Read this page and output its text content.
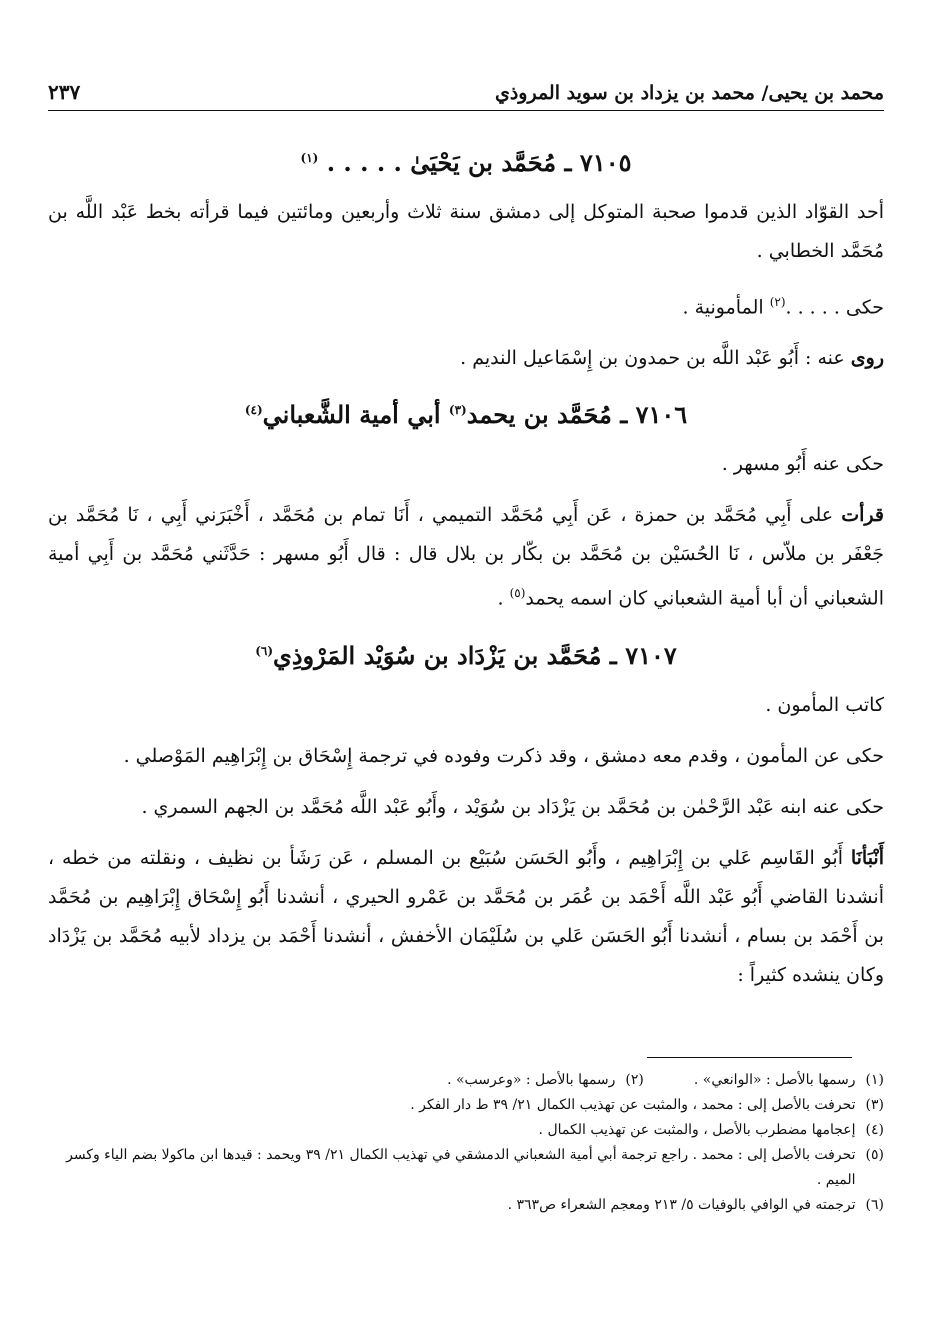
٢٣٧	محمد بن يحيى/ محمد بن يزداد بن سويد المروذي
٧١٠٥ ـ مُحَمَّد بن يَحْيَىٰ . . . . . $^{(١)}$
أحد القوّاد الذين قدموا صحبة المتوكل إلى دمشق سنة ثلاث وأربعين ومائتين فيما قرأته بخط عَبْد اللَّه بن مُحَمَّد الخطابي .
حكى . . . . .$^{(٢)}$ المأمونية .
روى عنه : أَبُو عَبْد اللَّه بن حمدون بن إِسْمَاعيل النديم .
٧١٠٦ ـ مُحَمَّد بن يحمد$^{(٣)}$ أبي أمية الشَّعباني$^{(٤)}$
حكى عنه أَبُو مسهر .
قرأت على أَبِي مُحَمَّد بن حمزة ، عَن أَبِي مُحَمَّد التميمي ، أَنَا تمام بن مُحَمَّد ، أَخْبَرَني أَبِي ، نَا مُحَمَّد بن جَعْفَر بن ملاّس ، نَا الحُسَيْن بن مُحَمَّد بن بكّار بن بلال قال : قال أَبُو مسهر : حَدَّثَني مُحَمَّد بن أَبِي أمية الشعباني أن أبا أمية الشعباني كان اسمه يحمد$^{(٥)}$ .
٧١٠٧ ـ مُحَمَّد بن يَزْدَاد بن سُوَيْد المَرْوذِي$^{(٦)}$
كاتب المأمون .
حكى عن المأمون ، وقدم معه دمشق ، وقد ذكرت وفوده في ترجمة إِسْحَاق بن إِبْرَاهِيم المَوْصلي .
حكى عنه ابنه عَبْد الرَّحْمٰن بن مُحَمَّد بن يَزْدَاد بن سُوَيْد ، وأَبُو عَبْد اللَّه مُحَمَّد بن الجهم السمري .
أَنْبَأنَا أَبُو القَاسِم عَلي بن إِبْرَاهِيم ، وأَبُو الحَسَن سُبَيْع بن المسلم ، عَن رَشَأ بن نظيف ، ونقلته من خطه ، أنشدنا القاضي أَبُو عَبْد اللَّه أَحْمَد بن عُمَر بن مُحَمَّد بن عَمْرو الحيري ، أنشدنا أَبُو إِسْحَاق إِبْرَاهِيم بن مُحَمَّد بن أَحْمَد بن بسام ، أنشدنا أَبُو الحَسَن عَلي بن سُلَيْمَان الأخفش ، أنشدنا أَحْمَد بن يزداد لأبيه مُحَمَّد بن يَزْدَاد وكان ينشده كثيراً :
(١)
رسمها بالأصل : «الوانعي» .
(٢)
رسمها بالأصل : «وعرسب» .
(٣)
تحرفت بالأصل إلى : محمد ، والمثبت عن تهذيب الكمال ٢١/ ٣٩ ط دار الفكر .
(٤)
إعجامها مضطرب بالأصل ، والمثبت عن تهذيب الكمال .
(٥)
تحرفت بالأصل إلى : محمد . راجع ترجمة أبي أمية الشعباني الدمشقي في تهذيب الكمال ٢١/ ٣٩ ويحمد : قيدها ابن ماكولا بضم الياء وكسر الميم .
(٦)
ترجمته في الوافي بالوفيات ٥/ ٢١٣ ومعجم الشعراء ص٣٦٣ .
